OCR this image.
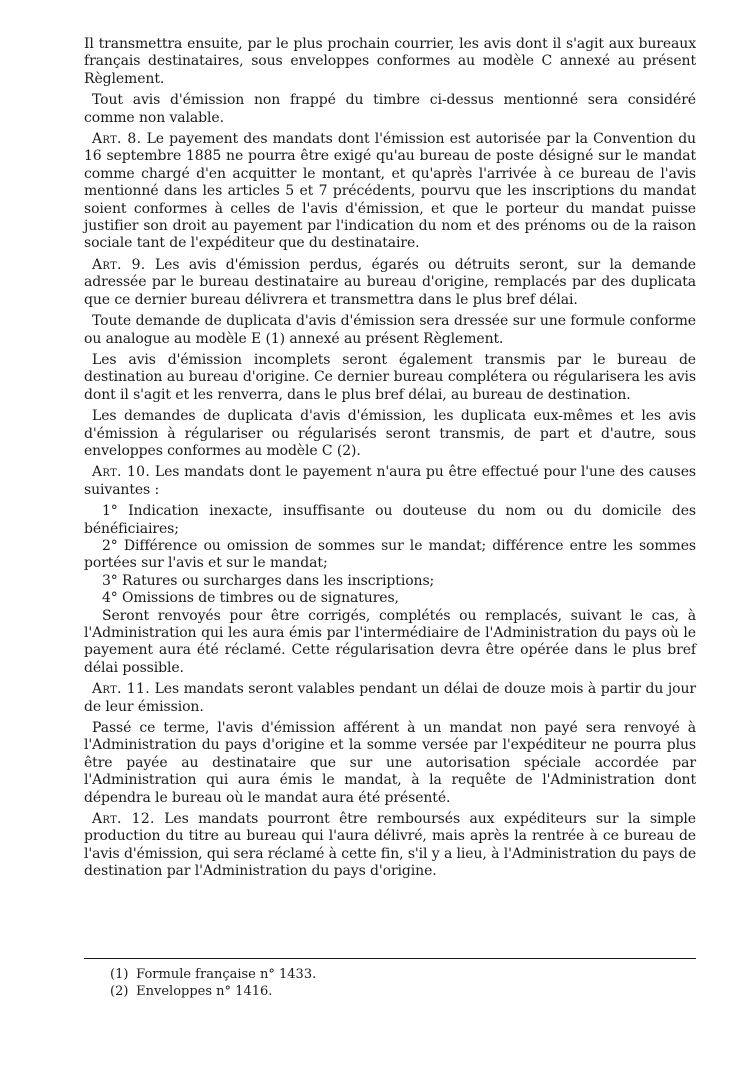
Il transmettra ensuite, par le plus prochain courrier, les avis dont il s'agit aux bureaux français destinataires, sous enveloppes conformes au modèle C annexé au présent Règlement.

Tout avis d'émission non frappé du timbre ci-dessus mentionné sera considéré comme non valable.

Art. 8. Le payement des mandats dont l'émission est autorisée par la Convention du 16 septembre 1885 ne pourra être exigé qu'au bureau de poste désigné sur le mandat comme chargé d'en acquitter le montant, et qu'après l'arrivée à ce bureau de l'avis mentionné dans les articles 5 et 7 précédents, pourvu que les inscriptions du mandat soient conformes à celles de l'avis d'émission, et que le porteur du mandat puisse justifier son droit au payement par l'indication du nom et des prénoms ou de la raison sociale tant de l'expéditeur que du destinataire.

Art. 9. Les avis d'émission perdus, égarés ou détruits seront, sur la demande adressée par le bureau destinataire au bureau d'origine, remplacés par des duplicata que ce dernier bureau délivrera et transmettra dans le plus bref délai.

Toute demande de duplicata d'avis d'émission sera dressée sur une formule conforme ou analogue au modèle E (1) annexé au présent Règlement.

Les avis d'émission incomplets seront également transmis par le bureau de destination au bureau d'origine. Ce dernier bureau complétera ou régularisera les avis dont il s'agit et les renverra, dans le plus bref délai, au bureau de destination.

Les demandes de duplicata d'avis d'émission, les duplicata eux-mêmes et les avis d'émission à régulariser ou régularisés seront transmis, de part et d'autre, sous enveloppes conformes au modèle C (2).

Art. 10. Les mandats dont le payement n'aura pu être effectué pour l'une des causes suivantes :

1° Indication inexacte, insuffisante ou douteuse du nom ou du domicile des bénéficiaires;

2° Différence ou omission de sommes sur le mandat; différence entre les sommes portées sur l'avis et sur le mandat;

3° Ratures ou surcharges dans les inscriptions;

4° Omissions de timbres ou de signatures,

Seront renvoyés pour être corrigés, complétés ou remplacés, suivant le cas, à l'Administration qui les aura émis par l'intermédiaire de l'Administration du pays où le payement aura été réclamé. Cette régularisation devra être opérée dans le plus bref délai possible.

Art. 11. Les mandats seront valables pendant un délai de douze mois à partir du jour de leur émission.

Passé ce terme, l'avis d'émission afférent à un mandat non payé sera renvoyé à l'Administration du pays d'origine et la somme versée par l'expéditeur ne pourra plus être payée au destinataire que sur une autorisation spéciale accordée par l'Administration qui aura émis le mandat, à la requête de l'Administration dont dépendra le bureau où le mandat aura été présenté.

Art. 12. Les mandats pourront être remboursés aux expéditeurs sur la simple production du titre au bureau qui l'aura délivré, mais après la rentrée à ce bureau de l'avis d'émission, qui sera réclamé à cette fin, s'il y a lieu, à l'Administration du pays de destination par l'Administration du pays d'origine.

(1) Formule française n° 1433.

(2) Enveloppes n° 1416.
